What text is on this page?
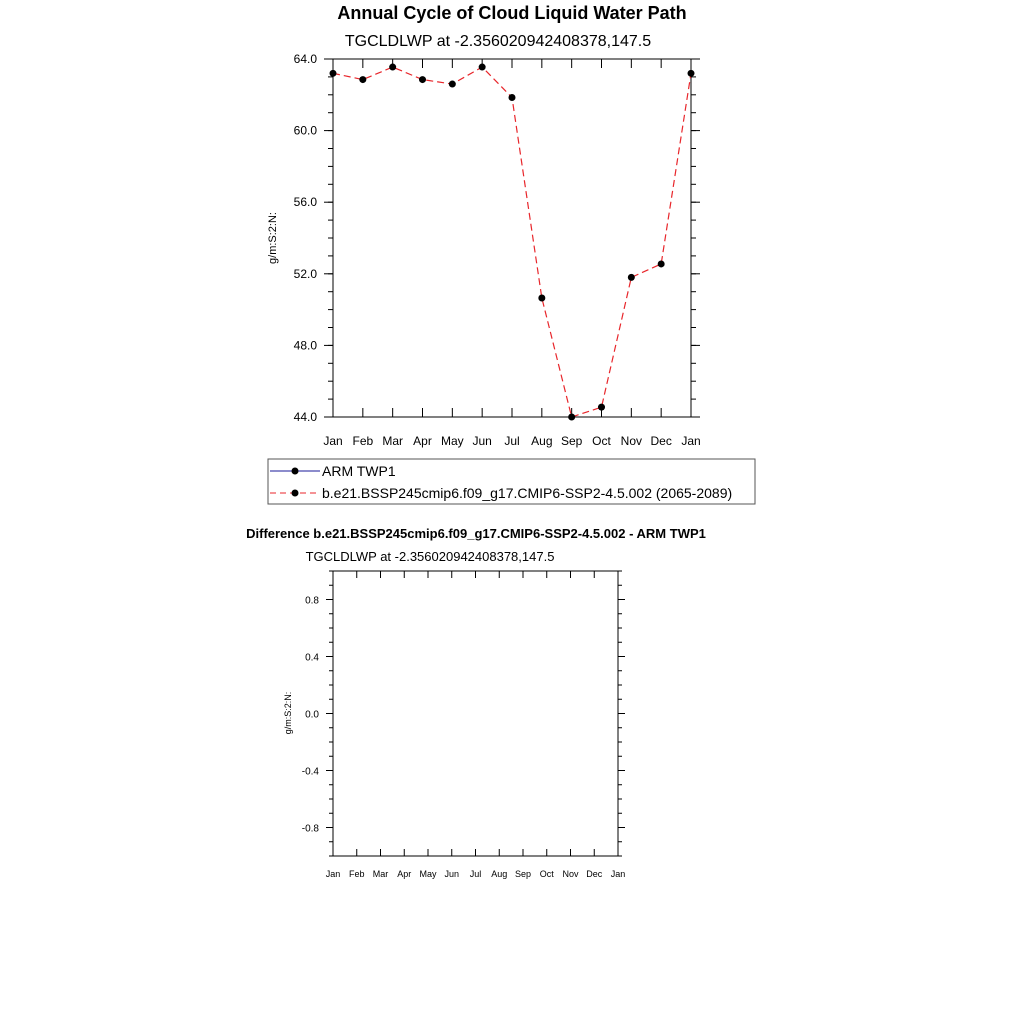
Annual Cycle of Cloud Liquid Water Path
TGCLDLWP at -2.356020942408378,147.5
44.0
48.0
52.0
56.0
60.0
64.0
Jan Feb Mar Apr May Jun Jul Aug Sep Oct Nov Dec Jan
g/m:S:2:N:
ARM TWP1
b.e21.BSSP245cmip6.f09_g17.CMIP6-SSP2-4.5.002 (2065-2089)
Difference b.e21.BSSP245cmip6.f09_g17.CMIP6-SSP2-4.5.002 - ARM TWP1
TGCLDLWP at -2.356020942408378,147.5
-0.8
-0.4
0.0
0.4
0.8
Jan Feb Mar Apr May Jun Jul Aug Sep Oct Nov Dec Jan
g/m:S:2:N:
